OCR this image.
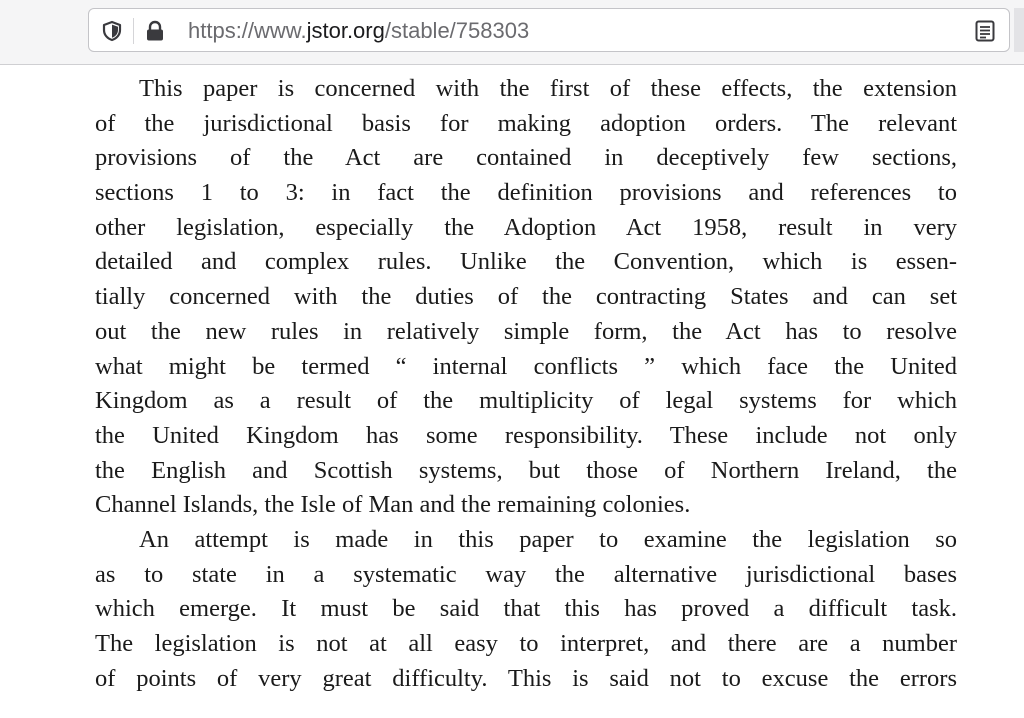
https://www.jstor.org/stable/758303
This paper is concerned with the first of these effects, the extension
of the jurisdictional basis for making adoption orders. The relevant
provisions of the Act are contained in deceptively few sections,
sections 1 to 3: in fact the definition provisions and references to
other legislation, especially the Adoption Act 1958, result in very
detailed and complex rules. Unlike the Convention, which is essen-
tially concerned with the duties of the contracting States and can set
out the new rules in relatively simple form, the Act has to resolve
what might be termed “ internal conflicts ” which face the United
Kingdom as a result of the multiplicity of legal systems for which
the United Kingdom has some responsibility. These include not only
the English and Scottish systems, but those of Northern Ireland, the
Channel Islands, the Isle of Man and the remaining colonies.
An attempt is made in this paper to examine the legislation so
as to state in a systematic way the alternative jurisdictional bases
which emerge. It must be said that this has proved a difficult task.
The legislation is not at all easy to interpret, and there are a number
of points of very great difficulty. This is said not to excuse the errors
